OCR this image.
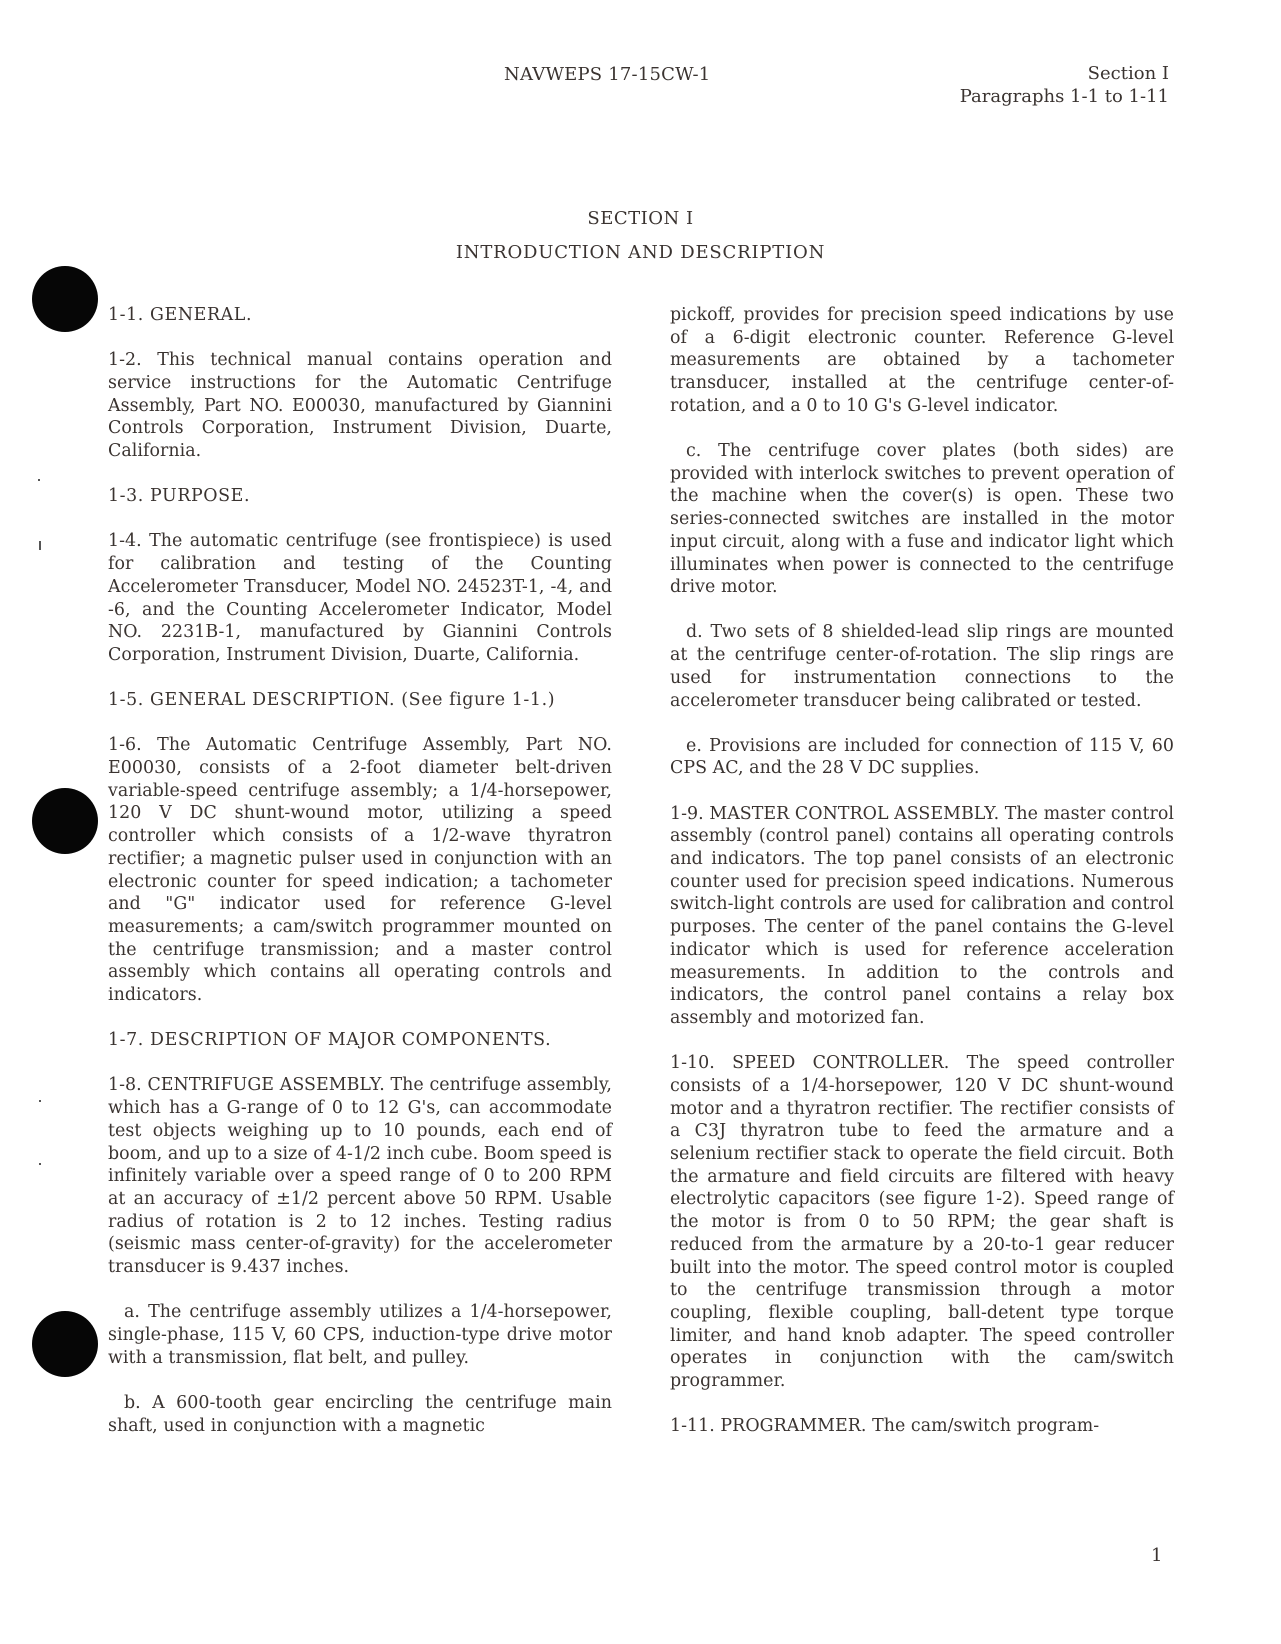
NAVWEPS 17-15CW-1	Section I
Paragraphs 1-1 to 1-11
SECTION I
INTRODUCTION AND DESCRIPTION
1-1. GENERAL.
1-2. This technical manual contains operation and service instructions for the Automatic Centrifuge Assembly, Part NO. E00030, manufactured by Giannini Controls Corporation, Instrument Division, Duarte, California.
1-3. PURPOSE.
1-4. The automatic centrifuge (see frontispiece) is used for calibration and testing of the Counting Accelerometer Transducer, Model NO. 24523T-1, -4, and -6, and the Counting Accelerometer Indicator, Model NO. 2231B-1, manufactured by Giannini Controls Corporation, Instrument Division, Duarte, California.
1-5. GENERAL DESCRIPTION. (See figure 1-1.)
1-6. The Automatic Centrifuge Assembly, Part NO. E00030, consists of a 2-foot diameter belt-driven variable-speed centrifuge assembly; a 1/4-horsepower, 120 V DC shunt-wound motor, utilizing a speed controller which consists of a 1/2-wave thyratron rectifier; a magnetic pulser used in conjunction with an electronic counter for speed indication; a tachometer and "G" indicator used for reference G-level measurements; a cam/switch programmer mounted on the centrifuge transmission; and a master control assembly which contains all operating controls and indicators.
1-7. DESCRIPTION OF MAJOR COMPONENTS.
1-8. CENTRIFUGE ASSEMBLY. The centrifuge assembly, which has a G-range of 0 to 12 G's, can accommodate test objects weighing up to 10 pounds, each end of boom, and up to a size of 4-1/2 inch cube. Boom speed is infinitely variable over a speed range of 0 to 200 RPM at an accuracy of ±1/2 percent above 50 RPM. Usable radius of rotation is 2 to 12 inches. Testing radius (seismic mass center-of-gravity) for the accelerometer transducer is 9.437 inches.
a. The centrifuge assembly utilizes a 1/4-horsepower, single-phase, 115 V, 60 CPS, induction-type drive motor with a transmission, flat belt, and pulley.
b. A 600-tooth gear encircling the centrifuge main shaft, used in conjunction with a magnetic
pickoff, provides for precision speed indications by use of a 6-digit electronic counter. Reference G-level measurements are obtained by a tachometer transducer, installed at the centrifuge center-of-rotation, and a 0 to 10 G's G-level indicator.
c. The centrifuge cover plates (both sides) are provided with interlock switches to prevent operation of the machine when the cover(s) is open. These two series-connected switches are installed in the motor input circuit, along with a fuse and indicator light which illuminates when power is connected to the centrifuge drive motor.
d. Two sets of 8 shielded-lead slip rings are mounted at the centrifuge center-of-rotation. The slip rings are used for instrumentation connections to the accelerometer transducer being calibrated or tested.
e. Provisions are included for connection of 115 V, 60 CPS AC, and the 28 V DC supplies.
1-9. MASTER CONTROL ASSEMBLY. The master control assembly (control panel) contains all operating controls and indicators. The top panel consists of an electronic counter used for precision speed indications. Numerous switch-light controls are used for calibration and control purposes. The center of the panel contains the G-level indicator which is used for reference acceleration measurements. In addition to the controls and indicators, the control panel contains a relay box assembly and motorized fan.
1-10. SPEED CONTROLLER. The speed controller consists of a 1/4-horsepower, 120 V DC shunt-wound motor and a thyratron rectifier. The rectifier consists of a C3J thyratron tube to feed the armature and a selenium rectifier stack to operate the field circuit. Both the armature and field circuits are filtered with heavy electrolytic capacitors (see figure 1-2). Speed range of the motor is from 0 to 50 RPM; the gear shaft is reduced from the armature by a 20-to-1 gear reducer built into the motor. The speed control motor is coupled to the centrifuge transmission through a motor coupling, flexible coupling, ball-detent type torque limiter, and hand knob adapter. The speed controller operates in conjunction with the cam/switch programmer.
1-11. PROGRAMMER. The cam/switch program-
1
